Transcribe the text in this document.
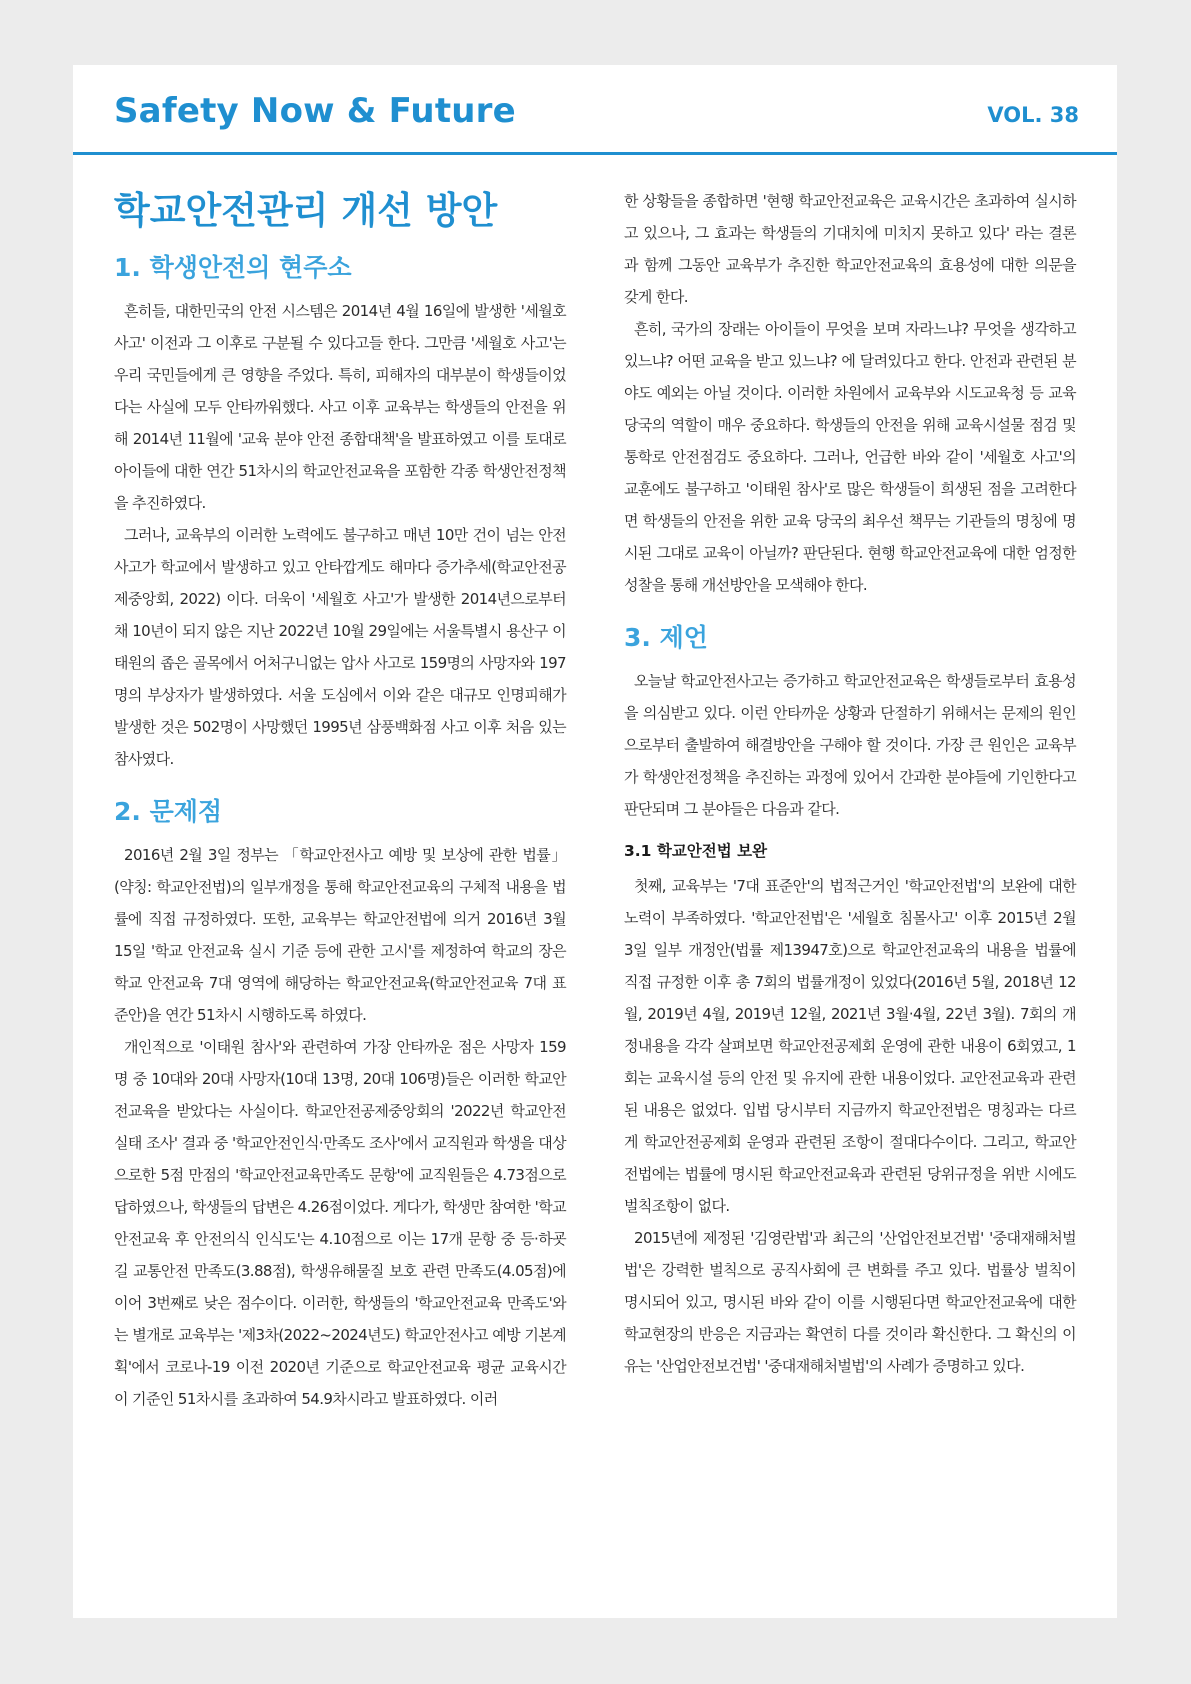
Safety Now & Future	VOL. 38
학교안전관리 개선 방안
1. 학생안전의 현주소

흔히들, 대한민국의 안전 시스템은 2014년 4월 16일에 발생한 '세월호 사고' 이전과 그 이후로 구분될 수 있다고들 한다. 그만큼 '세월호 사고'는 우리 국민들에게 큰 영향을 주었다. 특히, 피해자의 대부분이 학생들이었다는 사실에 모두 안타까워했다. 사고 이후 교육부는 학생들의 안전을 위해 2014년 11월에 '교육 분야 안전 종합대책'을 발표하였고 이를 토대로 아이들에 대한 연간 51차시의 학교안전교육을 포함한 각종 학생안전정책을 추진하였다.

그러나, 교육부의 이러한 노력에도 불구하고 매년 10만 건이 넘는 안전사고가 학교에서 발생하고 있고 안타깝게도 해마다 증가추세(학교안전공제중앙회, 2022) 이다. 더욱이 '세월호 사고'가 발생한 2014년으로부터 채 10년이 되지 않은 지난 2022년 10월 29일에는 서울특별시 용산구 이태원의 좁은 골목에서 어처구니없는 압사 사고로 159명의 사망자와 197명의 부상자가 발생하였다. 서울 도심에서 이와 같은 대규모 인명피해가 발생한 것은 502명이 사망했던 1995년 삼풍백화점 사고 이후 처음 있는 참사였다.

2. 문제점

2016년 2월 3일 정부는 「학교안전사고 예방 및 보상에 관한 법률」(약칭: 학교안전법)의 일부개정을 통해 학교안전교육의 구체적 내용을 법률에 직접 규정하였다. 또한, 교육부는 학교안전법에 의거 2016년 3월 15일 '학교 안전교육 실시 기준 등에 관한 고시'를 제정하여 학교의 장은 학교 안전교육 7대 영역에 해당하는 학교안전교육(학교안전교육 7대 표준안)을 연간 51차시 시행하도록 하였다.

개인적으로 '이태원 참사'와 관련하여 가장 안타까운 점은 사망자 159명 중 10대와 20대 사망자(10대 13명, 20대 106명)들은 이러한 학교안전교육을 받았다는 사실이다. 학교안전공제중앙회의 '2022년 학교안전실태 조사' 결과 중 '학교안전인식·만족도 조사'에서 교직원과 학생을 대상으로한 5점 만점의 '학교안전교육만족도 문항'에 교직원들은 4.73점으로 답하였으나, 학생들의 답변은 4.26점이었다. 게다가, 학생만 참여한 '학교안전교육 후 안전의식 인식도'는 4.10점으로 이는 17개 문항 중 등·하굣길 교통안전 만족도(3.88점), 학생유해물질 보호 관련 만족도(4.05점)에 이어 3번째로 낮은 점수이다. 이러한, 학생들의 '학교안전교육 만족도'와는 별개로 교육부는 '제3차(2022~2024년도) 학교안전사고 예방 기본계획'에서 코로나-19 이전 2020년 기준으로 학교안전교육 평균 교육시간이 기준인 51차시를 초과하여 54.9차시라고 발표하였다. 이러

한 상황들을 종합하면 '현행 학교안전교육은 교육시간은 초과하여 실시하고 있으나, 그 효과는 학생들의 기대치에 미치지 못하고 있다' 라는 결론과 함께 그동안 교육부가 추진한 학교안전교육의 효용성에 대한 의문을 갖게 한다.

흔히, 국가의 장래는 아이들이 무엇을 보며 자라느냐? 무엇을 생각하고 있느냐? 어떤 교육을 받고 있느냐? 에 달려있다고 한다. 안전과 관련된 분야도 예외는 아닐 것이다. 이러한 차원에서 교육부와 시도교육청 등 교육 당국의 역할이 매우 중요하다. 학생들의 안전을 위해 교육시설물 점검 및 통학로 안전점검도 중요하다. 그러나, 언급한 바와 같이 '세월호 사고'의 교훈에도 불구하고 '이태원 참사'로 많은 학생들이 희생된 점을 고려한다면 학생들의 안전을 위한 교육 당국의 최우선 책무는 기관들의 명칭에 명시된 그대로 교육이 아닐까? 판단된다. 현행 학교안전교육에 대한 엄정한 성찰을 통해 개선방안을 모색해야 한다.

3. 제언

오늘날 학교안전사고는 증가하고 학교안전교육은 학생들로부터 효용성을 의심받고 있다. 이런 안타까운 상황과 단절하기 위해서는 문제의 원인으로부터 출발하여 해결방안을 구해야 할 것이다. 가장 큰 원인은 교육부가 학생안전정책을 추진하는 과정에 있어서 간과한 분야들에 기인한다고 판단되며 그 분야들은 다음과 같다.

3.1 학교안전법 보완

첫째, 교육부는 '7대 표준안'의 법적근거인 '학교안전법'의 보완에 대한 노력이 부족하였다. '학교안전법'은 '세월호 침몰사고' 이후 2015년 2월 3일 일부 개정안(법률 제13947호)으로 학교안전교육의 내용을 법률에 직접 규정한 이후 총 7회의 법률개정이 있었다(2016년 5월, 2018년 12월, 2019년 4월, 2019년 12월, 2021년 3월·4월, 22년 3월). 7회의 개정내용을 각각 살펴보면 학교안전공제회 운영에 관한 내용이 6회였고, 1회는 교육시설 등의 안전 및 유지에 관한 내용이었다. 교안전교육과 관련된 내용은 없었다. 입법 당시부터 지금까지 학교안전법은 명칭과는 다르게 학교안전공제회 운영과 관련된 조항이 절대다수이다. 그리고, 학교안전법에는 법률에 명시된 학교안전교육과 관련된 당위규정을 위반 시에도 벌칙조항이 없다.

2015년에 제정된 '김영란법'과 최근의 '산업안전보건법' '중대재해처벌법'은 강력한 벌칙으로 공직사회에 큰 변화를 주고 있다. 법률상 벌칙이 명시되어 있고, 명시된 바와 같이 이를 시행된다면 학교안전교육에 대한 학교현장의 반응은 지금과는 확연히 다를 것이라 확신한다. 그 확신의 이유는 '산업안전보건법' '중대재해처벌법'의 사례가 증명하고 있다.
